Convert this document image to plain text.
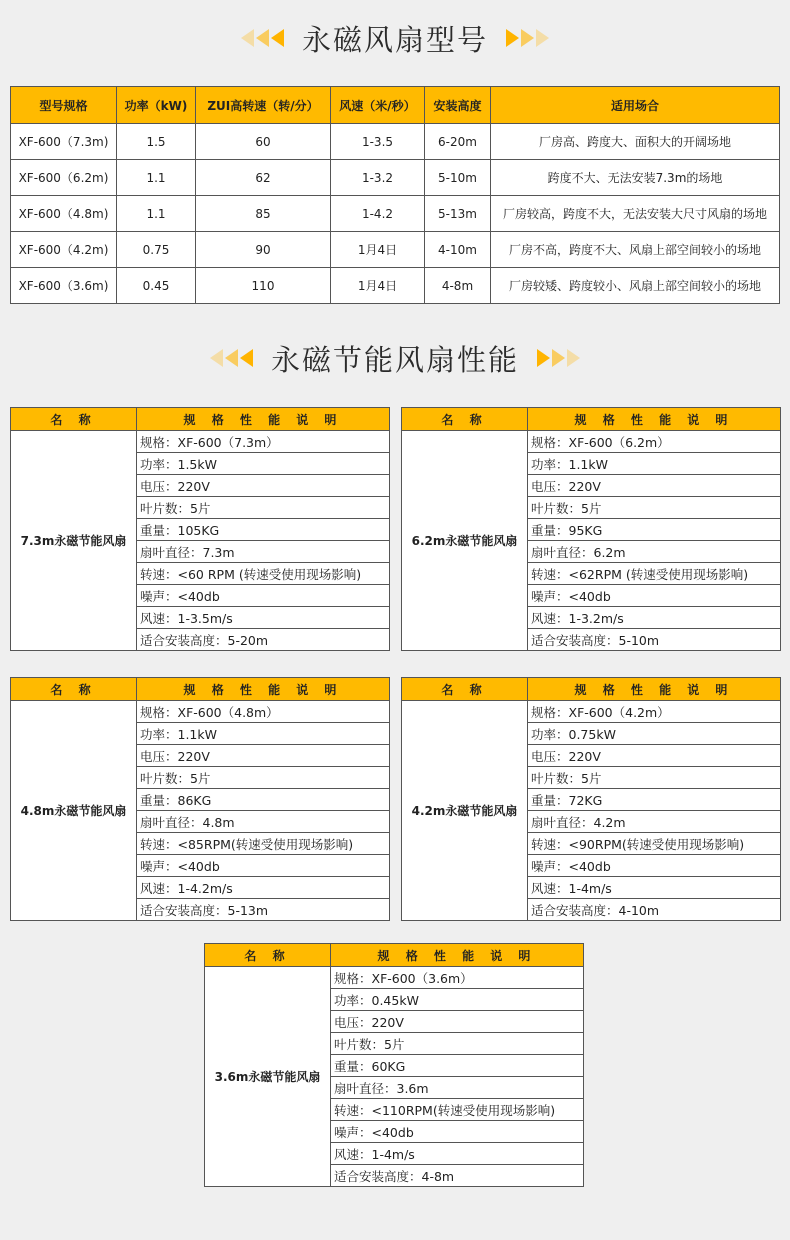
永磁风扇型号
型号规格	功率（kW)	ZUI高转速（转/分）	风速（米/秒）	安装高度	适用场合
XF-600（7.3m)	1.5	60	1-3.5	6-20m	厂房高、跨度大、面积大的开阔场地
XF-600（6.2m)	1.1	62	1-3.2	5-10m	跨度不大、无法安装7.3m的场地
XF-600（4.8m)	1.1	85	1-4.2	5-13m	厂房较高，跨度不大，无法安装大尺寸风扇的场地
XF-600（4.2m)	0.75	90	1月4日	4-10m	厂房不高，跨度不大、风扇上部空间较小的场地
XF-600（3.6m)	0.45	110	1月4日	4-8m	厂房较矮、跨度较小、风扇上部空间较小的场地
永磁节能风扇性能
名 称	规 格 性 能 说 明
7.3m永磁节能风扇	规格：XF-600（7.3m）
	功率：1.5kW
	电压：220V
	叶片数：5片
	重量：105KG
	扇叶直径：7.3m
	转速：<60 RPM (转速受使用现场影响)
	噪声：<40db
	风速：1-3.5m/s
	适合安装高度：5-20m
名 称	规 格 性 能 说 明
6.2m永磁节能风扇	规格：XF-600（6.2m）
	功率：1.1kW
	电压：220V
	叶片数：5片
	重量：95KG
	扇叶直径：6.2m
	转速：<62RPM (转速受使用现场影响)
	噪声：<40db
	风速：1-3.2m/s
	适合安装高度：5-10m
名 称	规 格 性 能 说 明
4.8m永磁节能风扇	规格：XF-600（4.8m）
	功率：1.1kW
	电压：220V
	叶片数：5片
	重量：86KG
	扇叶直径：4.8m
	转速：<85RPM(转速受使用现场影响)
	噪声：<40db
	风速：1-4.2m/s
	适合安装高度：5-13m
名 称	规 格 性 能 说 明
4.2m永磁节能风扇	规格：XF-600（4.2m）
	功率：0.75kW
	电压：220V
	叶片数：5片
	重量：72KG
	扇叶直径：4.2m
	转速：<90RPM(转速受使用现场影响)
	噪声：<40db
	风速：1-4m/s
	适合安装高度：4-10m
名 称	规 格 性 能 说 明
3.6m永磁节能风扇	规格：XF-600（3.6m）
	功率：0.45kW
	电压：220V
	叶片数：5片
	重量：60KG
	扇叶直径：3.6m
	转速：<110RPM(转速受使用现场影响)
	噪声：<40db
	风速：1-4m/s
	适合安装高度：4-8m
